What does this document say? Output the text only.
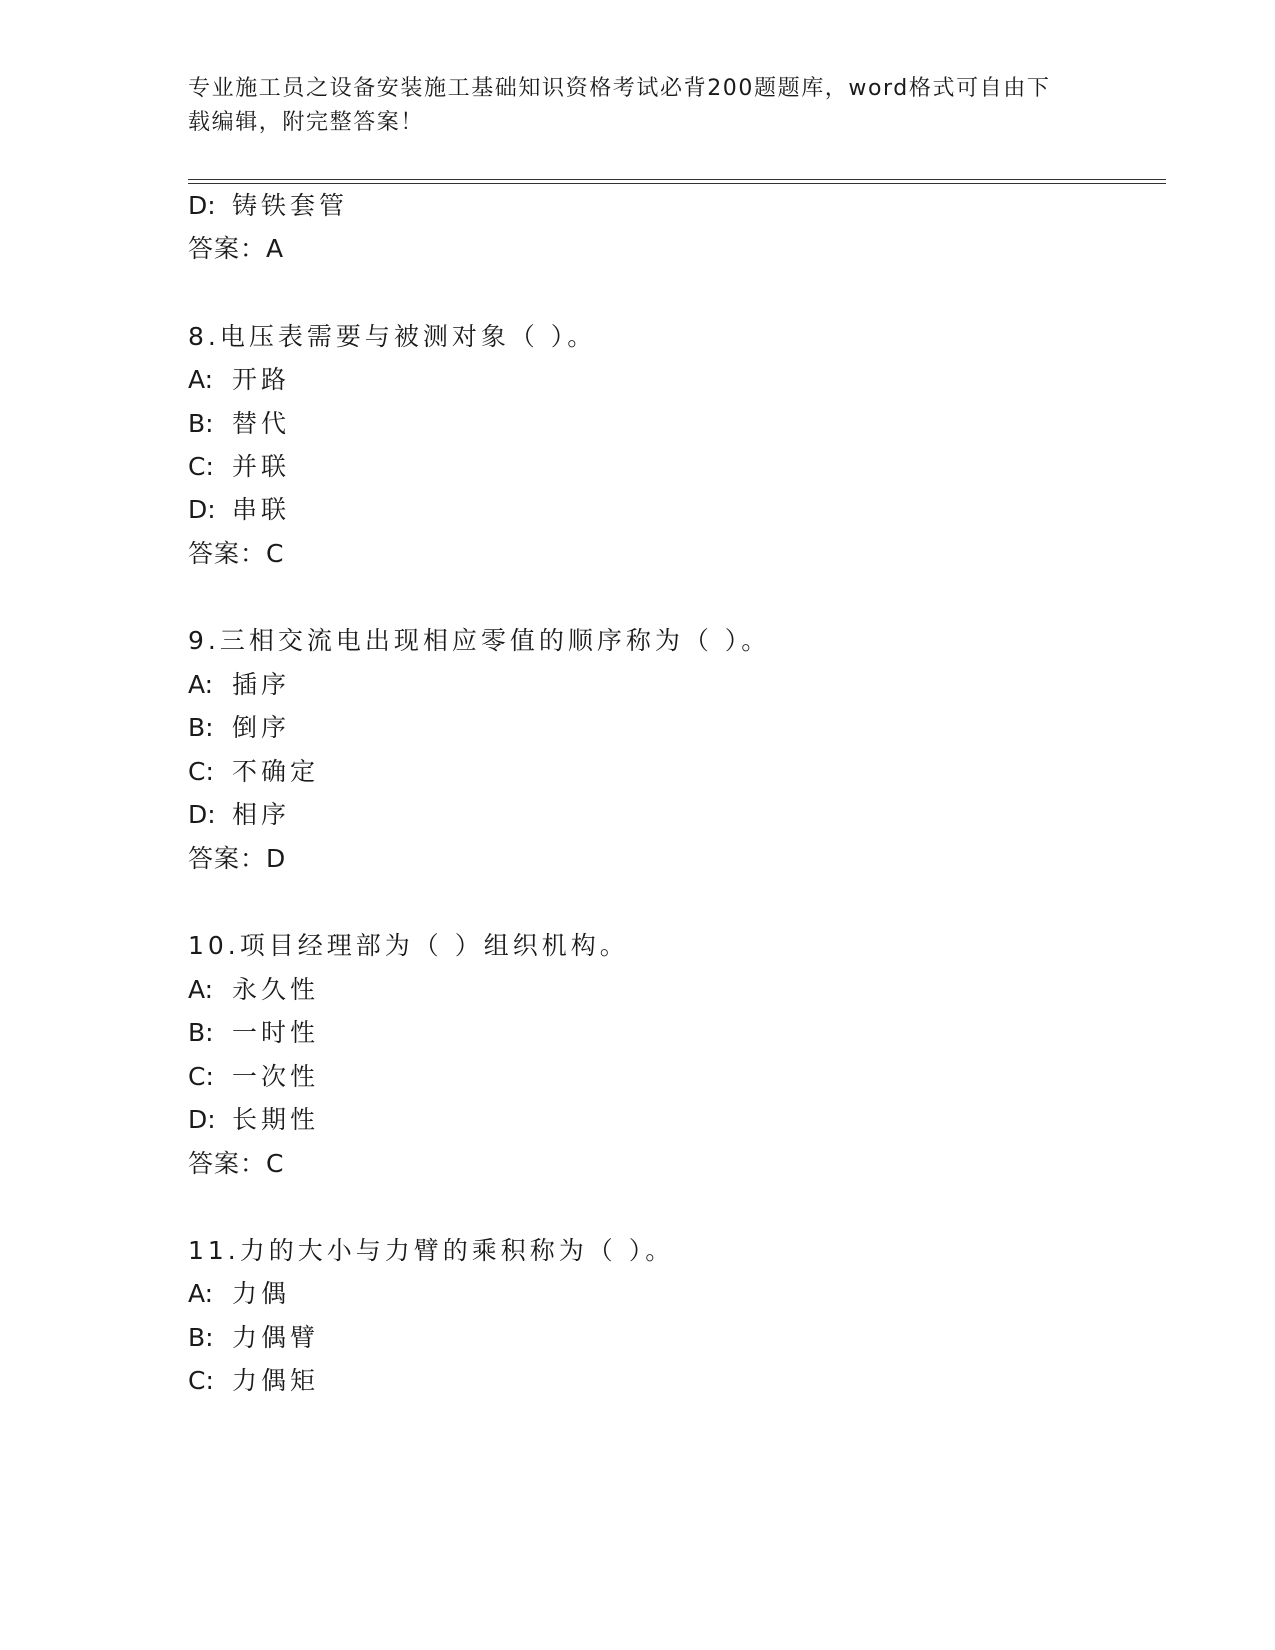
专业施工员之设备安装施工基础知识资格考试必背200题题库，word格式可自由下载编辑，附完整答案！
D: 铸铁套管
答案：A
8.电压表需要与被测对象（ ）。
A: 开路
B: 替代
C: 并联
D: 串联
答案：C
9.三相交流电出现相应零值的顺序称为（ ）。
A: 插序
B: 倒序
C: 不确定
D: 相序
答案：D
10.项目经理部为（ ）组织机构。
A: 永久性
B: 一时性
C: 一次性
D: 长期性
答案：C
11.力的大小与力臂的乘积称为（ ）。
A: 力偶
B: 力偶臂
C: 力偶矩
